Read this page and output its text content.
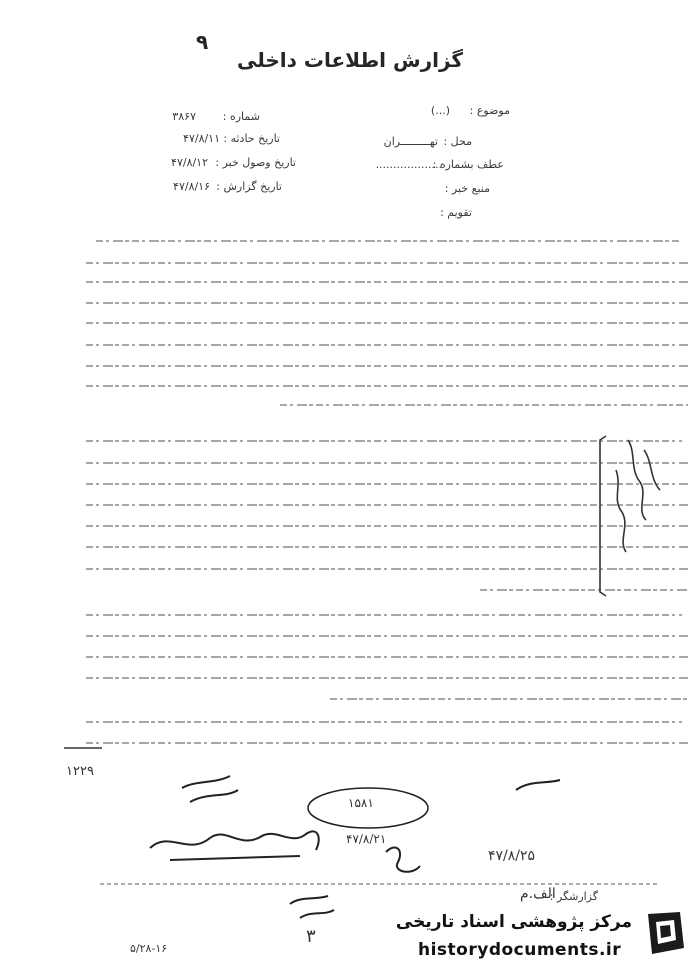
۹
گزارش اطلاعات داخلی
موضوع :
(...)
محل :
تهـــــــــران
عطف بشماره :
...................
منبع خبر :
تقویم :
شماره :
۳۸۶۷
تاریخ حادثه :
۴۷/۸/۱۱
تاریخ وصول خبر :
۴۷/۸/۱۲
تاریخ گزارش :
۴۷/۸/۱۶
۱۲۲۹
۱۵۸۱
۴۷/۸/۲۱
۴۷/۸/۲۵
گزارشگر :
الف.م
۵/۲۸-۱۶
۳
مرکز پژوهشی اسناد تاریخی
historydocuments.ir
